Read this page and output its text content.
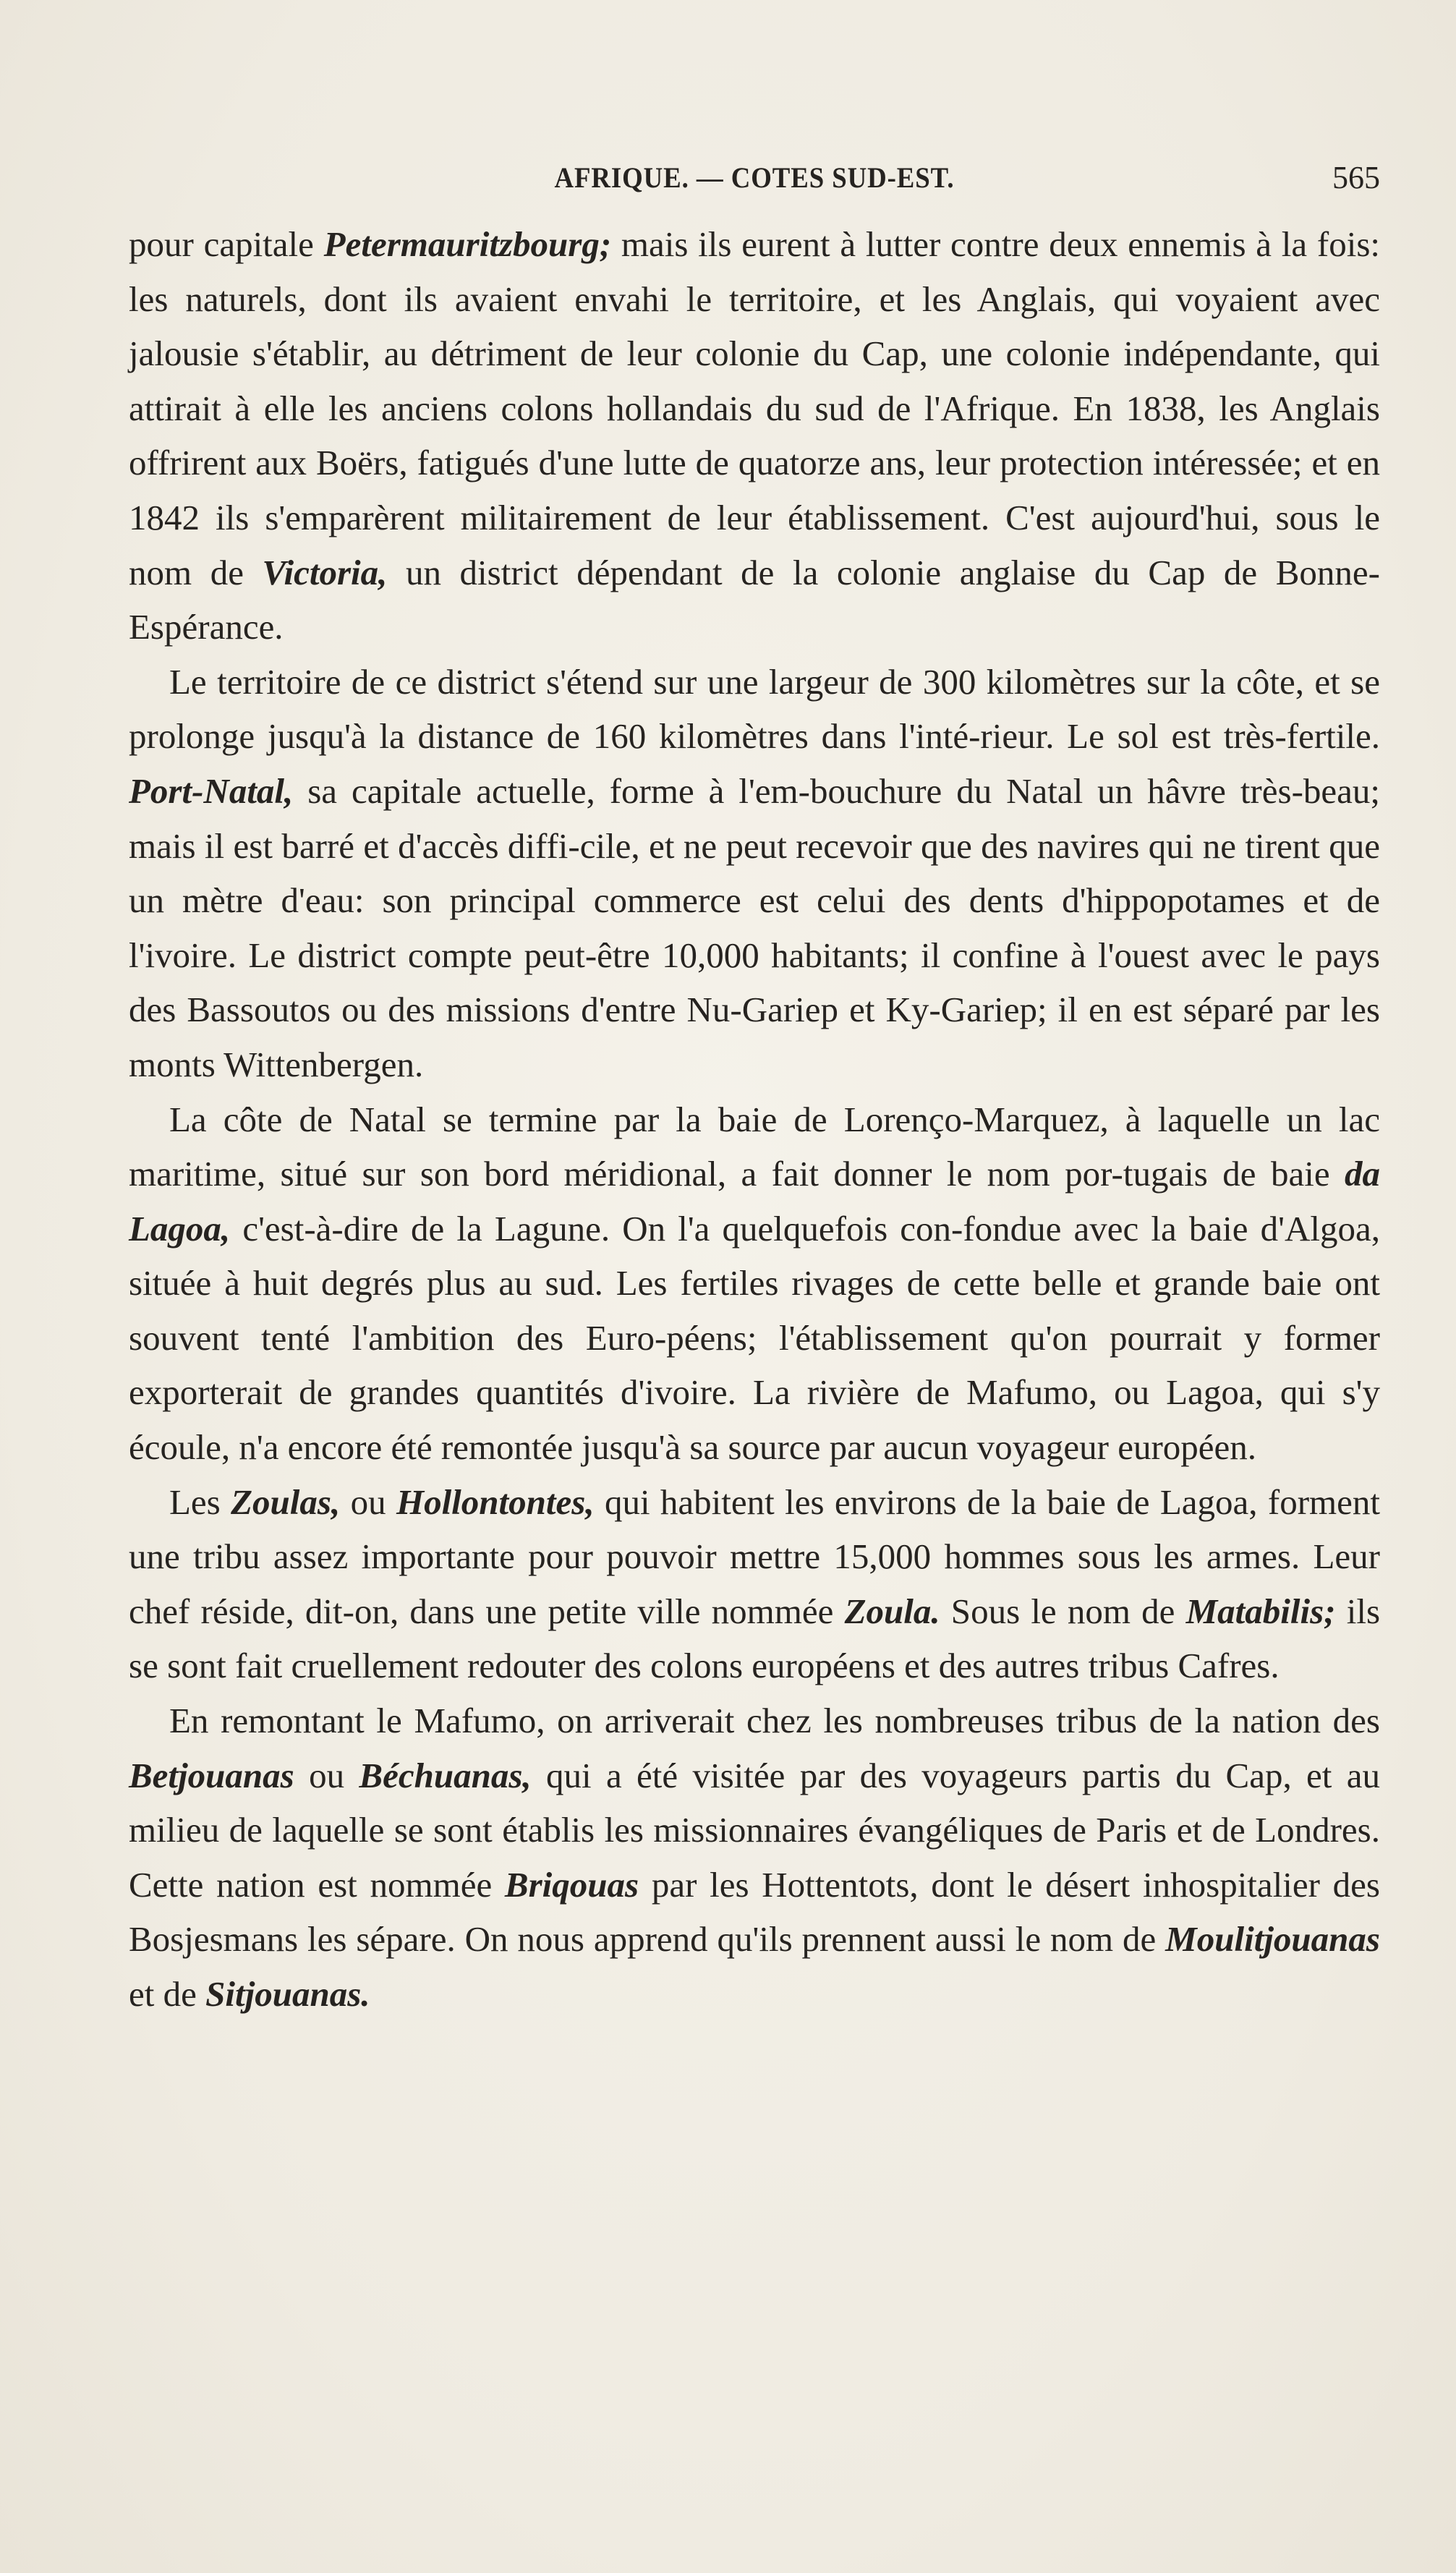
AFRIQUE. — COTES SUD-EST.	565

pour capitale Petermauritzbourg; mais ils eurent à lutter contre deux ennemis à la fois: les naturels, dont ils avaient envahi le territoire, et les Anglais, qui voyaient avec jalousie s'établir, au détriment de leur colonie du Cap, une colonie indépendante, qui attirait à elle les anciens colons hollandais du sud de l'Afrique. En 1838, les Anglais offrirent aux Boërs, fatigués d'une lutte de quatorze ans, leur protection intéressée; et en 1842 ils s'emparèrent militairement de leur établissement. C'est aujourd'hui, sous le nom de Victoria, un district dépendant de la colonie anglaise du Cap de Bonne-Espérance.

Le territoire de ce district s'étend sur une largeur de 300 kilomètres sur la côte, et se prolonge jusqu'à la distance de 160 kilomètres dans l'inté-rieur. Le sol est très-fertile. Port-Natal, sa capitale actuelle, forme à l'em-bouchure du Natal un hâvre très-beau; mais il est barré et d'accès diffi-cile, et ne peut recevoir que des navires qui ne tirent que un mètre d'eau: son principal commerce est celui des dents d'hippopotames et de l'ivoire. Le district compte peut-être 10,000 habitants; il confine à l'ouest avec le pays des Bassoutos ou des missions d'entre Nu-Gariep et Ky-Gariep; il en est séparé par les monts Wittenbergen.

La côte de Natal se termine par la baie de Lorenço-Marquez, à laquelle un lac maritime, situé sur son bord méridional, a fait donner le nom por-tugais de baie da Lagoa, c'est-à-dire de la Lagune. On l'a quelquefois con-fondue avec la baie d'Algoa, située à huit degrés plus au sud. Les fertiles rivages de cette belle et grande baie ont souvent tenté l'ambition des Euro-péens; l'établissement qu'on pourrait y former exporterait de grandes quantités d'ivoire. La rivière de Mafumo, ou Lagoa, qui s'y écoule, n'a encore été remontée jusqu'à sa source par aucun voyageur européen.

Les Zoulas, ou Hollontontes, qui habitent les environs de la baie de Lagoa, forment une tribu assez importante pour pouvoir mettre 15,000 hommes sous les armes. Leur chef réside, dit-on, dans une petite ville nommée Zoula. Sous le nom de Matabilis; ils se sont fait cruellement redouter des colons européens et des autres tribus Cafres.

En remontant le Mafumo, on arriverait chez les nombreuses tribus de la nation des Betjouanas ou Béchuanas, qui a été visitée par des voyageurs partis du Cap, et au milieu de laquelle se sont établis les missionnaires évangéliques de Paris et de Londres. Cette nation est nommée Briqouas par les Hottentots, dont le désert inhospitalier des Bosjesmans les sépare. On nous apprend qu'ils prennent aussi le nom de Moulitjouanas et de Sitjouanas.
